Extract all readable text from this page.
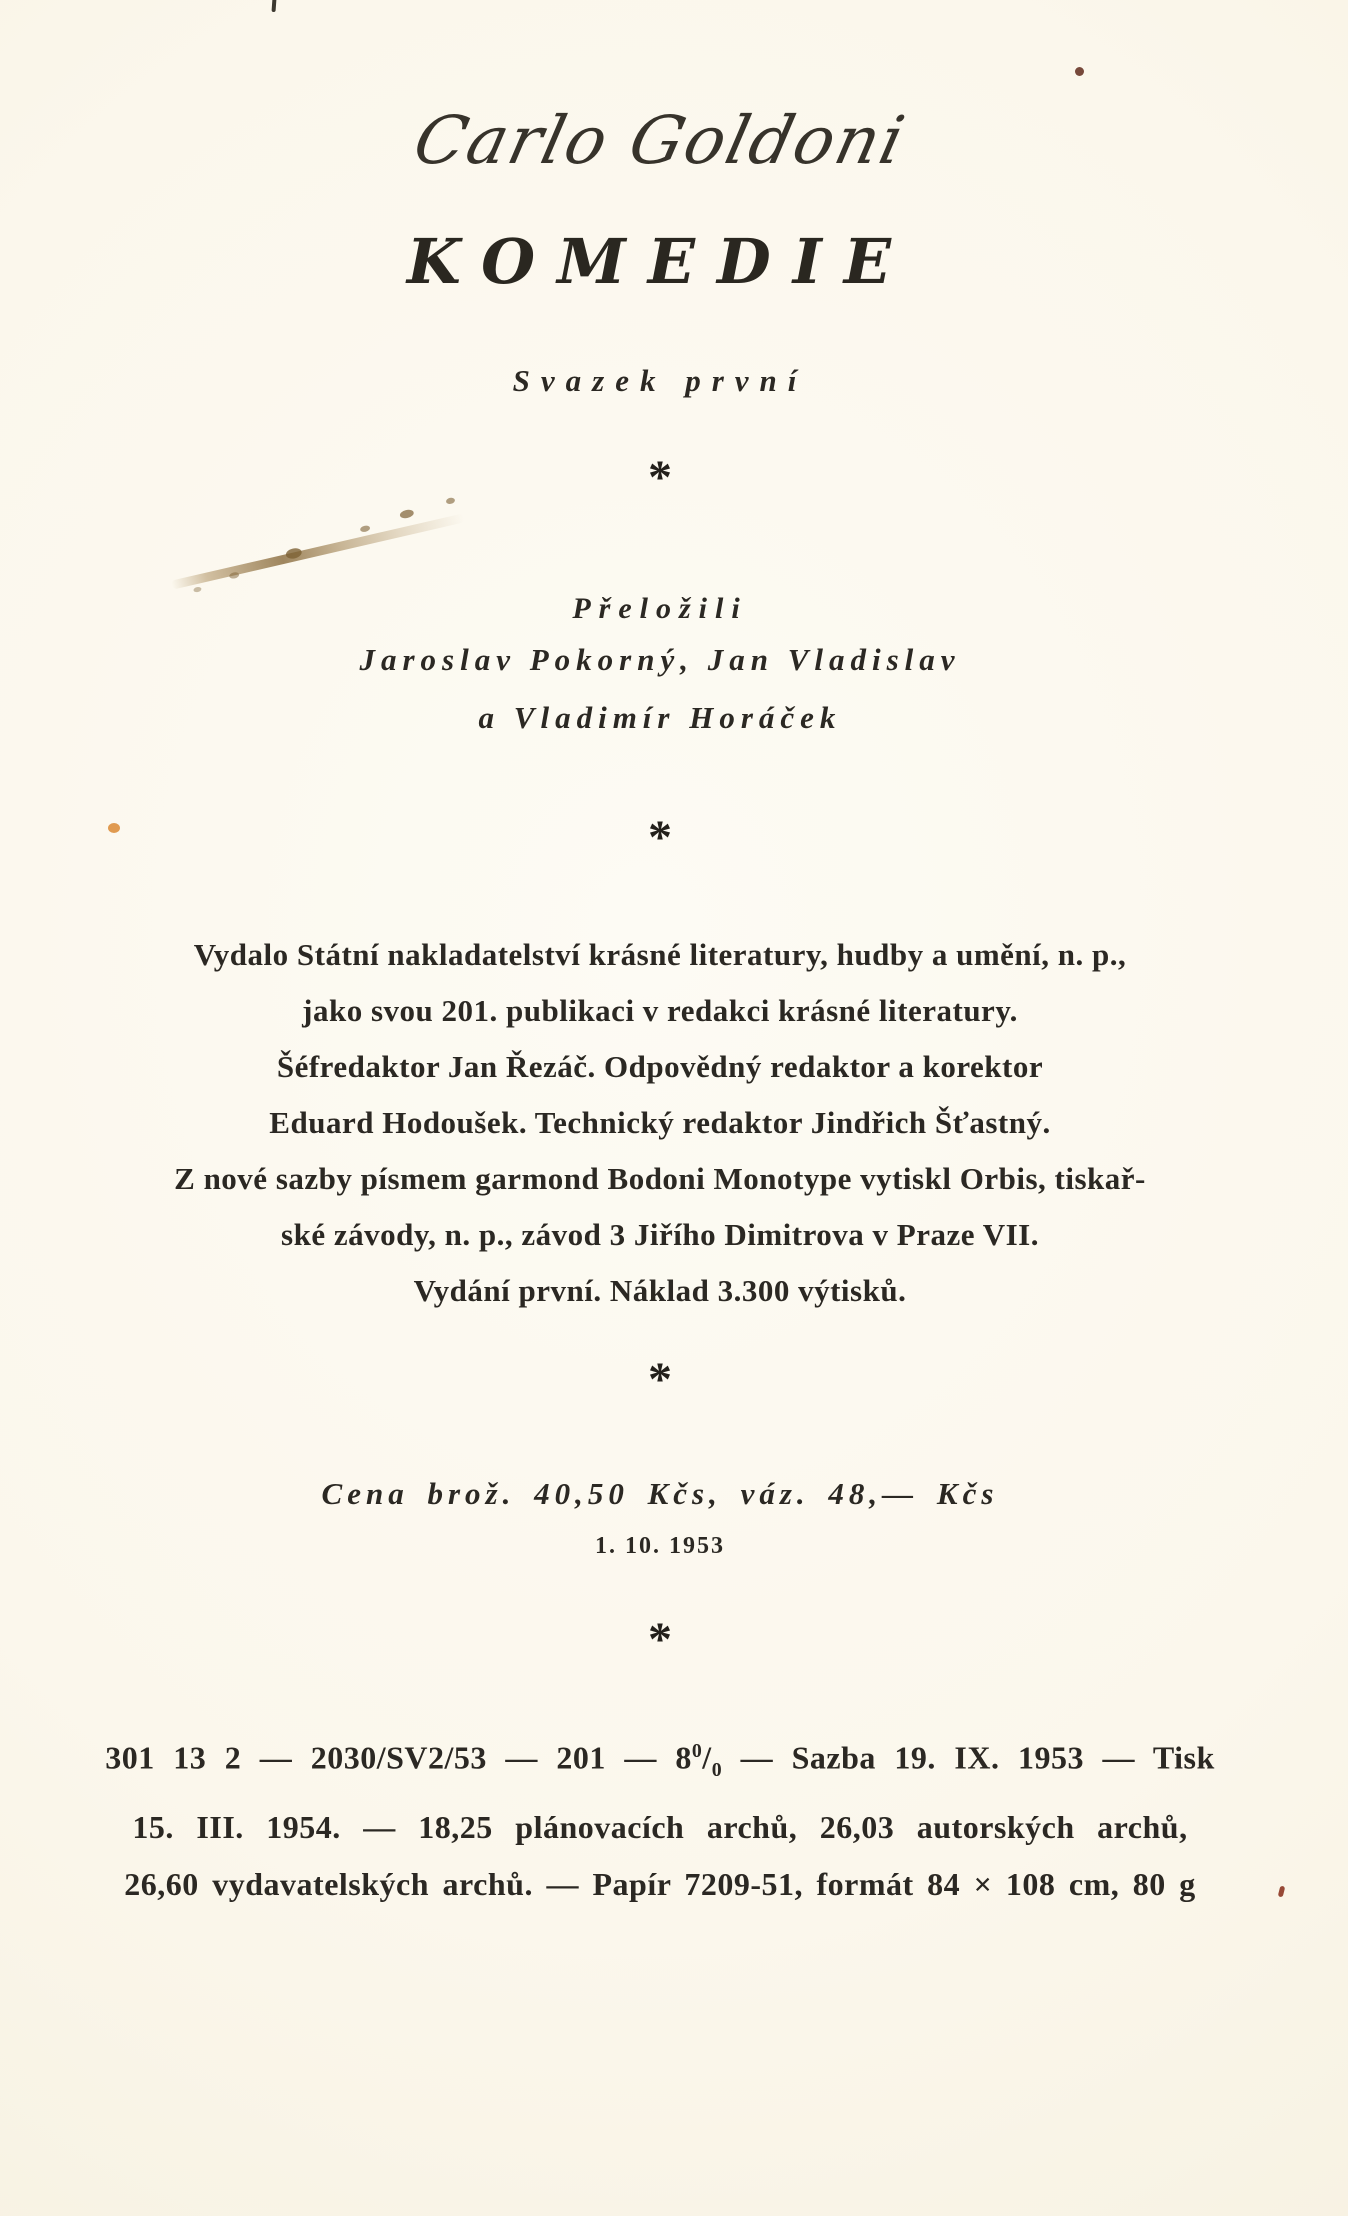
Carlo Goldoni
KOMEDIE
Svazek první
*
Přeložili
Jaroslav Pokorný, Jan Vladislav
a Vladimír Horáček
*
Vydalo Státní nakladatelství krásné literatury, hudby a umění, n. p.,
jako svou 201. publikaci v redakci krásné literatury.
Šéfredaktor Jan Řezáč. Odpovědný redaktor a korektor
Eduard Hodoušek. Technický redaktor Jindřich Šťastný.
Z nové sazby písmem garmond Bodoni Monotype vytiskl Orbis, tiskař-
ské závody, n. p., závod 3 Jiřího Dimitrova v Praze VII.
Vydání první. Náklad 3.300 výtisků.
*
Cena brož. 40,50 Kčs, váz. 48,— Kčs
1. 10. 1953
*
301 13 2 — 2030/SV2/53 — 201 — $8^0/_0$ — Sazba 19. IX. 1953 — Tisk
15. III. 1954. — 18,25 plánovacích archů, 26,03 autorských archů,
26,60 vydavatelských archů. — Papír 7209-51, formát 84 × 108 cm, 80 g
